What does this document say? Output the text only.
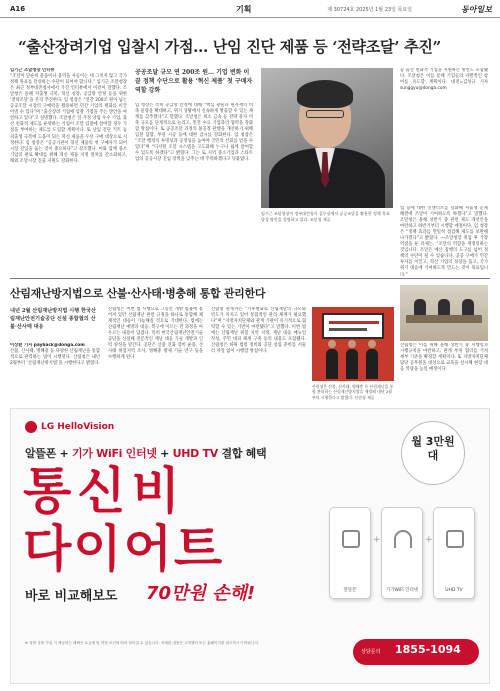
A16	기획	제 30724호 2025년 1월 23일 목요일	동아일보
“출산장려기업 입찰시 가점… 난임 진단 제품 등 ‘전략조달’ 추진”
임기근 조달청장 인터뷰
“조달이 단순히 물품이나 용역을 사들이는 데 그치지 않고 국가 정책 목표를 달성하는 수단이 되어야 합니다.” 임기근 조달청장은 최근 정부대전청사에서 가진 인터뷰에서 이같이 말했다. 조달청은 올해 저출생 극복, 혁신 성장, 공급망 안정 등을 위한 ‘전략조달’을 본격 추진한다. 임 청장은 “연간 200조 원이 넘는 공공조달 시장의 구매력을 활용하면 민간 기업의 변화를 이끌어낼 수 있다”며 “출산장려 기업에 입찰 가점을 주는 방안을 마련하고 있다”고 설명했다. 조달청은 일·가정 양립 우수 기업, 출산 친화적 제도를 운영하는 기업이 조달 입찰에 참여할 경우 가점을 부여하는 제도를 도입할 계획이다. 또 난임 진단 키트 등 저출생 극복에 도움이 되는 혁신 제품을 우선 구매 대상으로 지정한다. 임 청장은 “공공기관이 혁신 제품의 첫 구매자가 되어 시장 진입을 돕는 것이 중요하다”고 강조했다. 이와 함께 중소기업의 판로 확대를 위해 혁신 제품 지정 절차를 간소화하고, 해외 조달시장 진출 지원도 강화한다.
공공조달 규모 연 200조 원… 기업 변화 이끌 정책 수단으로 활용 ‘혁신 제품’ 첫 구매자 역할 강화
임 청장은 특히 공급망 안정에 대해 “핵심 광물과 원자재의 비축 물량을 확대하고, 위기 상황에서 신속하게 방출할 수 있는 체계를 갖추겠다”고 말했다. 조달청은 희소 금속 등 전략 물자 비축 규모를 단계적으로 늘리고, 민간 수요 기업과의 협력을 강화할 방침이다. 또 공공조달 과정의 불공정 관행을 개선하기 위해 입찰 담합, 부실 시공 등에 대한 감시를 강화한다. 임 청장은 “조달 행정의 투명성과 공정성을 높여야 국민의 신뢰를 얻을 수 있다”며 “디지털 조달 시스템을 고도화해 누구나 쉽게 참여할 수 있도록 하겠다”고 밝혔다. 그는 또 지역 중소기업과 스타트업의 공공시장 진입 장벽을 낮추는 데 주력하겠다고 덧붙였다.
임기근 조달청장이 정부대전청사 집무실에서 공공조달을 활용한 정책 목표 달성 방안을 설명하고 있다. 조달청 제공
등 출산 친화적 기업을 지원하는 방안도 포함됐다. 조달청은 이를 통해 기업들의 자발적인 참여를 유도할 계획이다. 대전=김성규 기자 sunggyu@donga.com
업 등에 대한 인센티브를 강화해 저출생 문제 해결에 조달이 기여하도록 하겠다”고 말했다. 조달청은 올해 상반기 중 관련 제도 개선안을 마련하고 하반기부터 시행할 예정이다. 임 청장은 “정책 효과를 면밀히 점검해 제도를 보완해 나가겠다”고 밝혔다. ―조달청장 취임 후 가장 역점을 둔 과제는. “조달의 역할을 재정의하는 것입니다. 조달은 예산 집행의 도구를 넘어 정책의 수단이 될 수 있습니다. 공공 구매가 민간 투자를 이끌고, 혁신 기업의 성장을 돕고, 국가 위기 대응에 기여하도록 만드는 것이 목표입니다.”
산림재난방지법으로 산불·산사태·병충해 통합 관리한다
내년 2월 산림재난방지법 시행 한국산림재난안전기술공단 신설 종합협의 산불·산사태 대응
이상환 기자 payback@donga.com
산불, 산사태, 병해충 등 다양한 산림재난을 통합적으로 관리하는 법이 시행된다. 산림청은 내년 2월부터 ‘산림재난방지법’을 시행한다고 밝혔다.
산림청은 이번 법 시행으로 그동안 개별 법률에 흩어져 있던 산림재난 관련 규정을 하나로 통합해 체계적인 대응이 가능해질 것으로 기대한다. 법에는 산림재난 예방과 대응, 복구에 이르는 전 과정을 아우르는 내용이 담겼다. 특히 한국산림재난안전기술공단을 신설해 전문적인 재난 대응 기술 개발과 인력 양성을 맡긴다. 공단은 산불 진화 장비 운용, 산사태 위험지역 조사, 병해충 방제 기술 연구 등을 수행하게 된다.
산림청 관계자는 “기후변화로 산림재난의 규모와 빈도가 커지고 있어 통합적인 관리 체계가 필요했다”며 “지방자치단체와 관계 기관이 유기적으로 협력할 수 있는 기반이 마련됐다”고 말했다. 이번 법에는 산림재난 위험 지역 지정, 재난 대응 매뉴얼 작성, 주민 대피 체계 구축 등의 내용도 포함됐다. 산림청은 하위 법령 정비와 공단 설립 준비를 서둘러 차질 없이 시행할 방침이다.
산림청은 산불, 산사태, 병해충 등 산림재난을 통합 관리하는 산림재난방지법을 제정해 내년 2월부터 시행한다고 밝혔다. 산림청 제공
산림청은 이를 위해 올해 상반기 중 시행령과 시행규칙을 마련하고, 관계 부처 협의를 거쳐 세부 기준을 확정할 계획이다. 또 지방자치단체 담당 공무원을 대상으로 교육을 실시해 현장 대응 역량을 높일 예정이다.
LG HelloVision
알뜰폰 + 기가 WiFi 인터넷 + UHD TV 결합 혜택
통신비
다이어트
바로 비교해보도 70만원 손해!
※ 결합 상품 가입 시 제공되는 혜택은 요금제 및 약정 조건에 따라 달라질 수 있습니다. 자세한 내용은 고객센터 또는 홈페이지를 참고하시기 바랍니다.
월 3만원대
알뜰폰
+
기가WiFi 인터넷
+
UHD TV
상담문의 1855-1094
